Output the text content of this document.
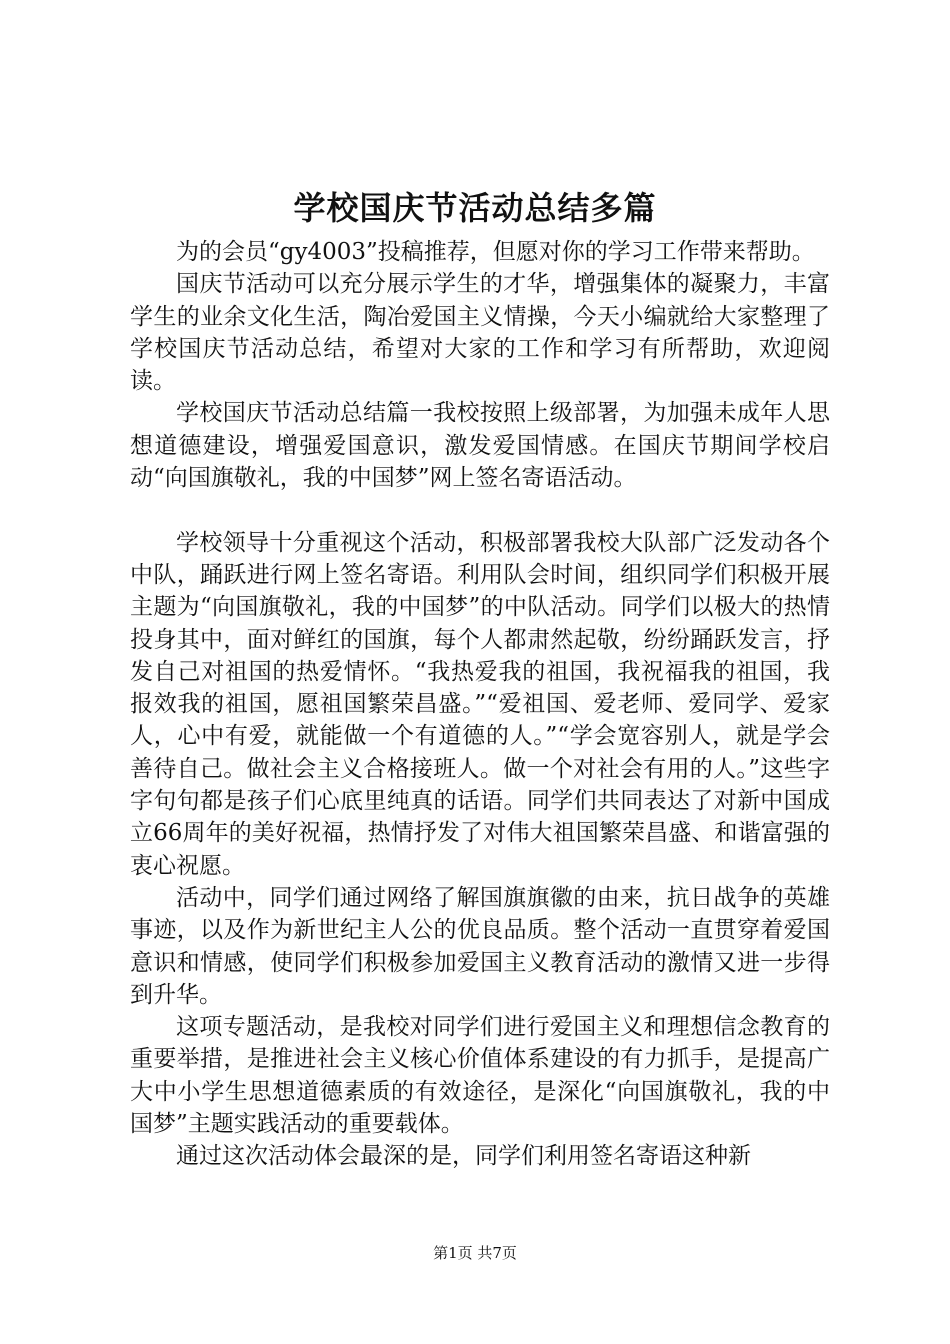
学校国庆节活动总结多篇

为的会员“gy4003”投稿推荐，但愿对你的学习工作带来帮助。

国庆节活动可以充分展示学生的才华，增强集体的凝聚力，丰富学生的业余文化生活，陶冶爱国主义情操，今天小编就给大家整理了学校国庆节活动总结，希望对大家的工作和学习有所帮助，欢迎阅读。

学校国庆节活动总结篇一我校按照上级部署，为加强未成年人思想道德建设，增强爱国意识，激发爱国情感。在国庆节期间学校启动“向国旗敬礼，我的中国梦”网上签名寄语活动。

学校领导十分重视这个活动，积极部署我校大队部广泛发动各个中队，踊跃进行网上签名寄语。利用队会时间，组织同学们积极开展主题为“向国旗敬礼，我的中国梦”的中队活动。同学们以极大的热情投身其中，面对鲜红的国旗，每个人都肃然起敬，纷纷踊跃发言，抒发自己对祖国的热爱情怀。“我热爱我的祖国，我祝福我的祖国，我报效我的祖国，愿祖国繁荣昌盛。”“爱祖国、爱老师、爱同学、爱家人，心中有爱，就能做一个有道德的人。”“学会宽容别人，就是学会善待自己。做社会主义合格接班人。做一个对社会有用的人。”这些字字句句都是孩子们心底里纯真的话语。同学们共同表达了对新中国成立66周年的美好祝福，热情抒发了对伟大祖国繁荣昌盛、和谐富强的衷心祝愿。

活动中，同学们通过网络了解国旗旗徽的由来，抗日战争的英雄事迹，以及作为新世纪主人公的优良品质。整个活动一直贯穿着爱国意识和情感，使同学们积极参加爱国主义教育活动的激情又进一步得到升华。

这项专题活动，是我校对同学们进行爱国主义和理想信念教育的重要举措，是推进社会主义核心价值体系建设的有力抓手，是提高广大中小学生思想道德素质的有效途径，是深化“向国旗敬礼，我的中国梦”主题实践活动的重要载体。

通过这次活动体会最深的是，同学们利用签名寄语这种新

第1页 共7页
